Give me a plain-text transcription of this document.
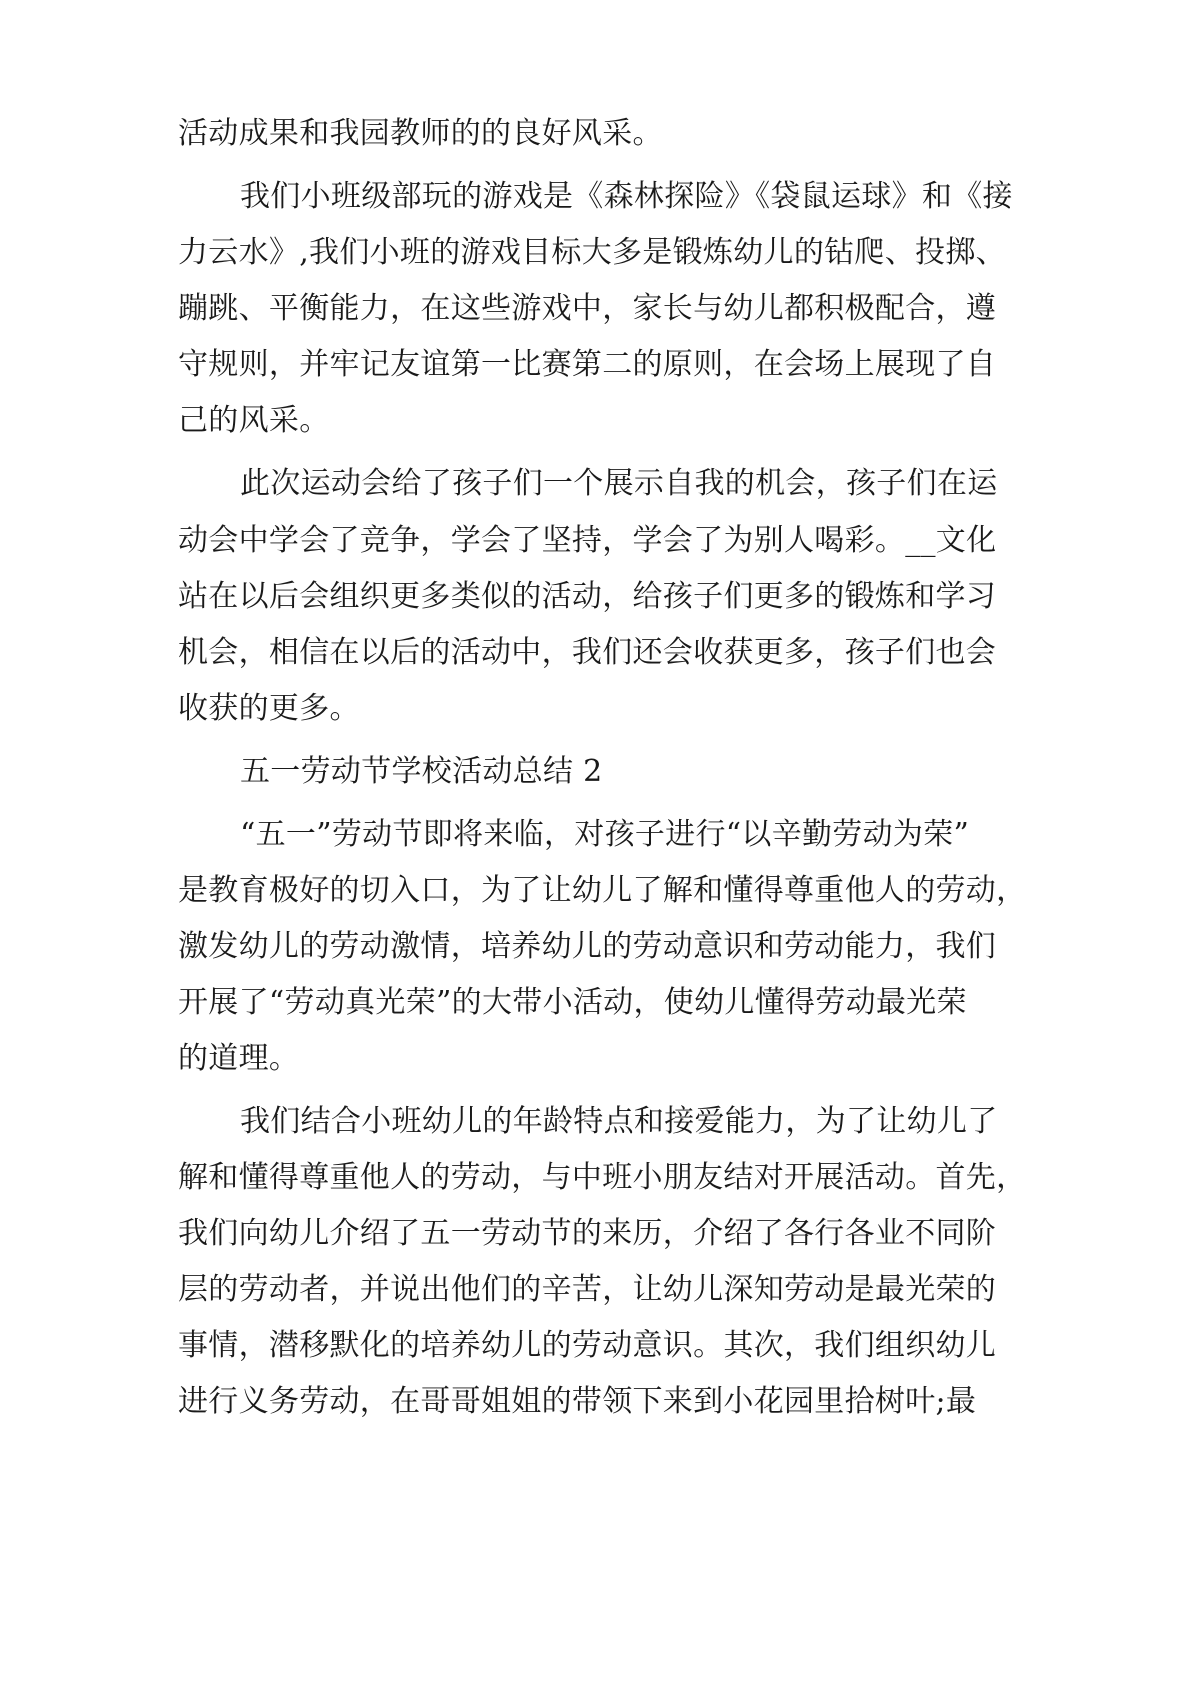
活动成果和我园教师的的良好风采。
我们小班级部玩的游戏是《森林探险》《袋鼠运球》和《接
力云水》,我们小班的游戏目标大多是锻炼幼儿的钻爬、投掷、
蹦跳、平衡能力，在这些游戏中，家长与幼儿都积极配合，遵
守规则，并牢记友谊第一比赛第二的原则，在会场上展现了自
己的风采。
此次运动会给了孩子们一个展示自我的机会，孩子们在运
动会中学会了竞争，学会了坚持，学会了为别人喝彩。__文化
站在以后会组织更多类似的活动，给孩子们更多的锻炼和学习
机会，相信在以后的活动中，我们还会收获更多，孩子们也会
收获的更多。
五一劳动节学校活动总结 2
“五一”劳动节即将来临，对孩子进行“以辛勤劳动为荣”
是教育极好的切入口，为了让幼儿了解和懂得尊重他人的劳动，
激发幼儿的劳动激情，培养幼儿的劳动意识和劳动能力，我们
开展了“劳动真光荣”的大带小活动，使幼儿懂得劳动最光荣
的道理。
我们结合小班幼儿的年龄特点和接爱能力，为了让幼儿了
解和懂得尊重他人的劳动，与中班小朋友结对开展活动。首先，
我们向幼儿介绍了五一劳动节的来历，介绍了各行各业不同阶
层的劳动者，并说出他们的辛苦，让幼儿深知劳动是最光荣的
事情，潜移默化的培养幼儿的劳动意识。其次，我们组织幼儿
进行义务劳动，在哥哥姐姐的带领下来到小花园里拾树叶;最
